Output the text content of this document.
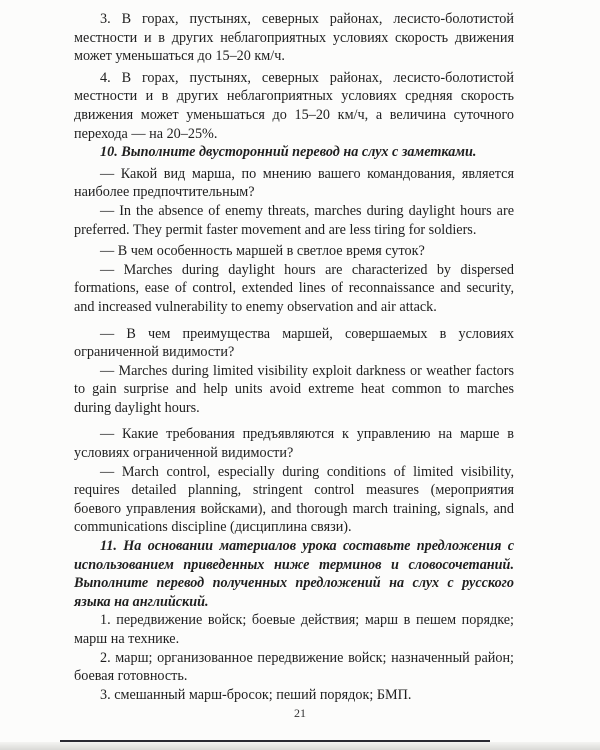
3. В горах, пустынях, северных районах, лесисто-болотистой местности и в других неблагоприятных условиях скорость движения может уменьшаться до 15–20 км/ч.

4. В горах, пустынях, северных районах, лесисто-болотистой местности и в других неблагоприятных условиях средняя скорость движения может уменьшаться до 15–20 км/ч, а величина суточного перехода — на 20–25%.

10. Выполните двусторонний перевод на слух с заметками.

— Какой вид марша, по мнению вашего командования, является наиболее предпочтительным?

— In the absence of enemy threats, marches during daylight hours are preferred. They permit faster movement and are less tiring for soldiers.

— В чем особенность маршей в светлое время суток?

— Marches during daylight hours are characterized by dispersed formations, ease of control, extended lines of reconnaissance and security, and increased vulnerability to enemy observation and air attack.

— В чем преимущества маршей, совершаемых в условиях ограниченной видимости?

— Marches during limited visibility exploit darkness or weather factors to gain surprise and help units avoid extreme heat common to marches during daylight hours.

— Какие требования предъявляются к управлению на марше в условиях ограниченной видимости?

— March control, especially during conditions of limited visibility, requires detailed planning, stringent control measures (мероприятия боевого управления войсками), and thorough march training, signals, and communications discipline (дисциплина связи).

11. На основании материалов урока составьте предложения с использованием приведенных ниже терминов и словосочетаний. Выполните перевод полученных предложений на слух с русского языка на английский.

1. передвижение войск; боевые действия; марш в пешем порядке; марш на технике.

2. марш; организованное передвижение войск; назначенный район; боевая готовность.

3. смешанный марш-бросок; пеший порядок; БМП.

21
